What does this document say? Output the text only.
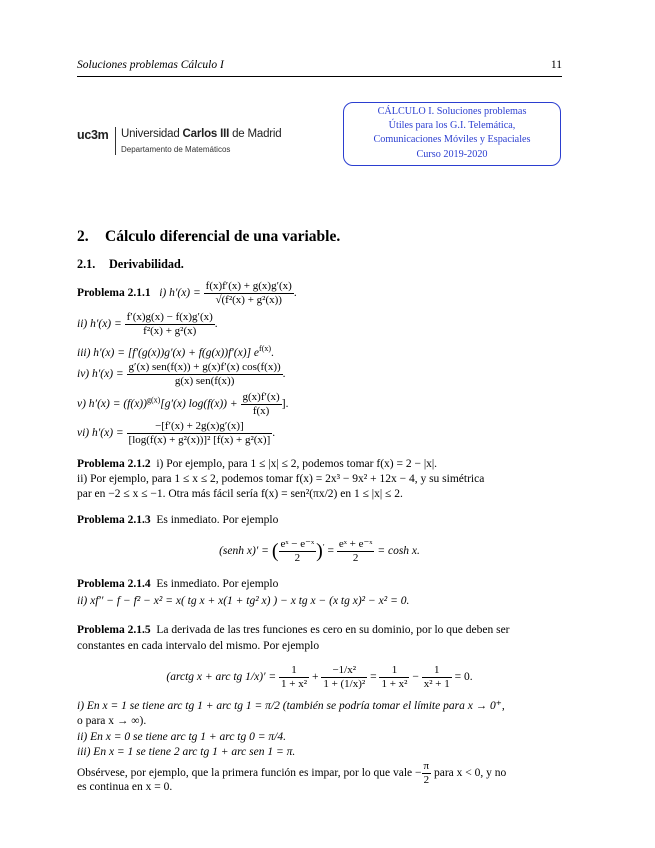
Soluciones problemas Cálculo I	11
uc3m Universidad Carlos III de Madrid
Departamento de Matemáticos
CÁLCULO I. Soluciones problemas
Útiles para los G.I. Telemática,
Comunicaciones Móviles y Espaciales
Curso 2019-2020
2. Cálculo diferencial de una variable.
2.1. Derivabilidad.
Problema 2.1.1 i) $h'(x) = \frac{f(x)f'(x) + g(x)g'(x)}{\text{√(f²(x) + g²(x))}}$ .
ii) $h'(x) = \frac{f'(x)g(x) - f(x)g'(x)}{\text{f²(x) + g²(x)}}$ .
iii) h′(x) = [f′(g(x))g′(x) + f(g(x))f′(x)] $e^{f(x)}$.
iv) $h'(x) = \frac{\text{g′(x) sen(f(x)) + g(x)f′(x) cos(f(x))}}{\text{g(x) sen(f(x))}}$ .
v) $h'(x) = (f(x))^{g(x)}[g'(x) \log(f(x)) + \frac{g(x)f'(x)}{f(x)}$ ].
vi) $h'(x) = \frac{-[f'(x) + 2g(x)g'(x)]}{\text{[log(f(x) + g²(x))]² [f(x) + g²(x)]}}$ .
Problema 2.1.2 i) Por ejemplo, para 1 ≤ |x| ≤ 2, podemos tomar f(x) = 2 − |x|.
ii) Por ejemplo, para 1 ≤ x ≤ 2, podemos tomar f(x) = 2x³ − 9x² + 12x − 4, y su simétrica
par en −2 ≤ x ≤ −1. Otra más fácil sería f(x) = sen²(πx/2) en 1 ≤ |x| ≤ 2.
Problema 2.1.3 Es inmediato. Por ejemplo
(senh x)′ = ( $\frac{\text{eˣ − e⁻ˣ}}{2} )' = \frac{\text{eˣ + e⁻ˣ}}{2} = \cosh x$.
Problema 2.1.4 Es inmediato. Por ejemplo
ii) xf′′ − f − f² − x² = x( tg x + x(1 + tg² x) ) − x tg x − (x tg x)² − x² = 0.
Problema 2.1.5 La derivada de las tres funciones es cero en su dominio, por lo que deben ser
constantes en cada intervalo del mismo. Por ejemplo
(arctg x + arc tg $1/x)' = \frac{1}{\text{1 + x²}} + \frac{\text{−1/x²}}{\text{1 + (1/x)²}} = \frac{1}{\text{1 + x²}} - \frac{1}{\text{x² + 1}} = 0$.
i) En x = 1 se tiene arc tg 1 + arc tg 1 = π/2 (también se podría tomar el límite para x → 0⁺,
o para x → ∞).
ii) En x = 0 se tiene arc tg 1 + arc tg 0 = π/4.
iii) En x = 1 se tiene 2 arc tg 1 + arc sen 1 = π.
Obsérvese, por ejemplo, que la primera función es impar, por lo que vale − $\frac{\pi}{2}$ para x < 0, y no
es continua en x = 0.
